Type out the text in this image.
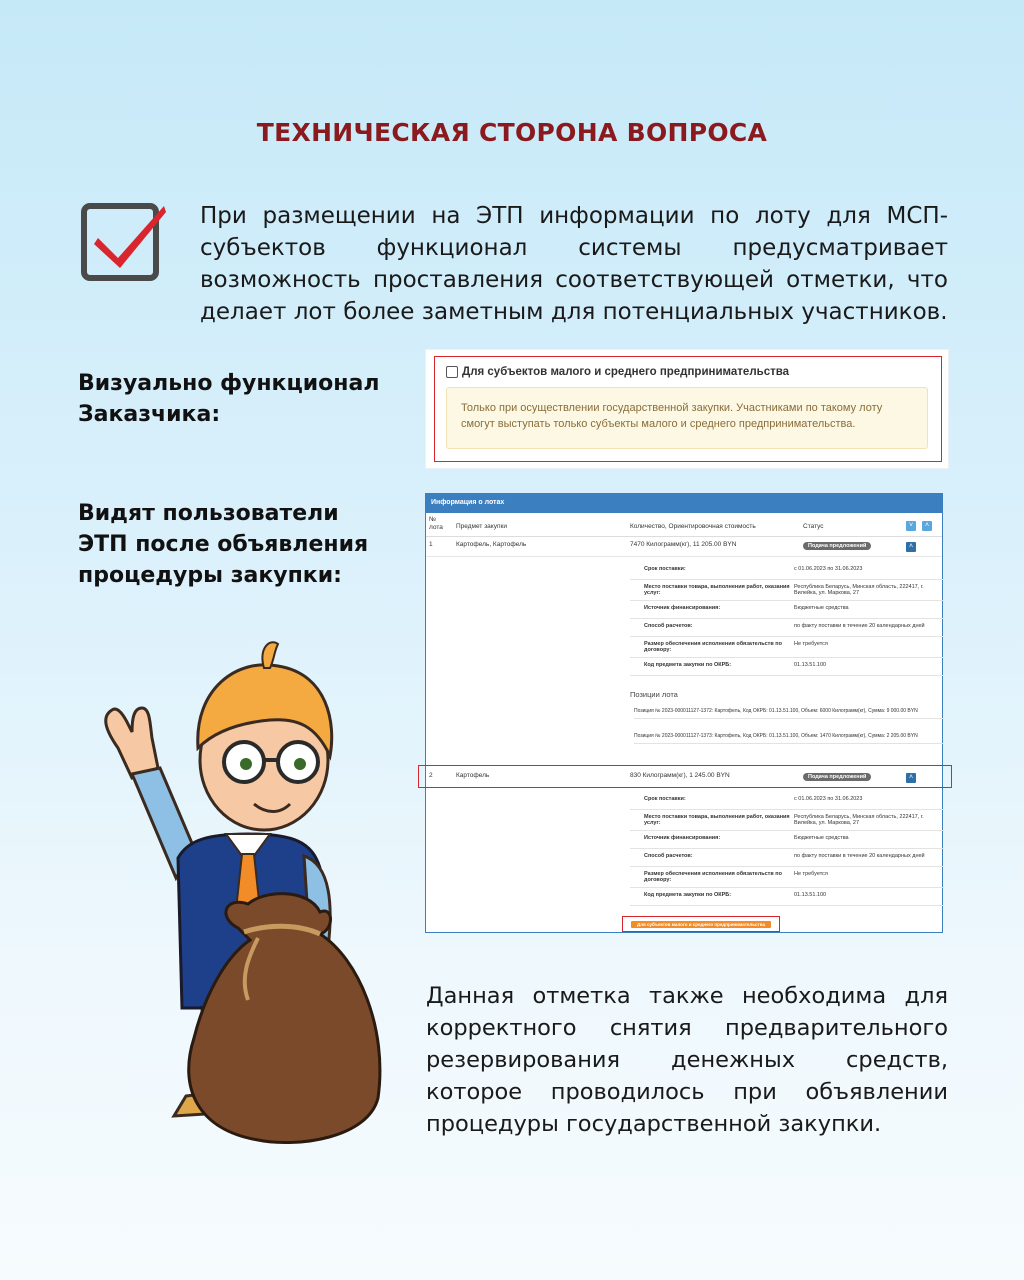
ТЕХНИЧЕСКАЯ СТОРОНА ВОПРОСА
При размещении на ЭТП информации по лоту для МСП-субъектов функционал системы предусматривает возможность проставления соответствующей отметки, что делает лот более заметным для потенциальных участников.
Визуально функционал Заказчика:
Видят пользователи ЭТП после объявления процедуры закупки:
Для субъектов малого и среднего предпринимательства
Только при осуществлении государственной закупки. Участниками по такому лоту смогут выступать только субъекты малого и среднего предпринимательства.
Информация о лотах
№ лота	Предмет закупки	Количество, Ориентировочная стоимость	Статус	˅	˄
1	Картофель, Картофель	7470 Килограмм(кг), 11 205.00 BYN	Подача предложений	˄
Срок поставки:	с 01.06.2023 по 31.06.2023
Место поставки товара, выполнения работ, оказания услуг:Республика Беларусь, Минская область, 222417, г. Вилейка, ул. Маркова, 27
Источник финансирования:	Бюджетные средства
Способ расчетов:	по факту поставки в течение 20 календарных дней
Размер обеспечения исполнения обязательств по договору:Не требуется
Код предмета закупки по ОКРБ:	01.13.51.100
Позиции лота
Позиция № 2023-000011127-1372: Картофель, Код ОКРБ: 01.13.51.100, Объем: 6000 Килограмм(кг), Сумма: 9 000.00 BYN
Позиция № 2023-000011127-1373: Картофель, Код ОКРБ: 01.13.51.100, Объем: 1470 Килограмм(кг), Сумма: 2 205.00 BYN
2	Картофель	830 Килограмм(кг), 1 245.00 BYN	Подача предложений	˄
Срок поставки:	с 01.06.2023 по 31.06.2023
Место поставки товара, выполнения работ, оказания услуг:Республика Беларусь, Минская область, 222417, г. Вилейка, ул. Маркова, 27
Источник финансирования:	Бюджетные средства
Способ расчетов:	по факту поставки в течение 20 календарных дней
Размер обеспечения исполнения обязательств по договору:Не требуется
Код предмета закупки по ОКРБ:	01.13.51.100
Для субъектов малого и среднего предпринимательства
Данная отметка также необходима для корректного снятия предварительного резервирования денежных средств, которое проводилось при объявлении процедуры государственной закупки.
